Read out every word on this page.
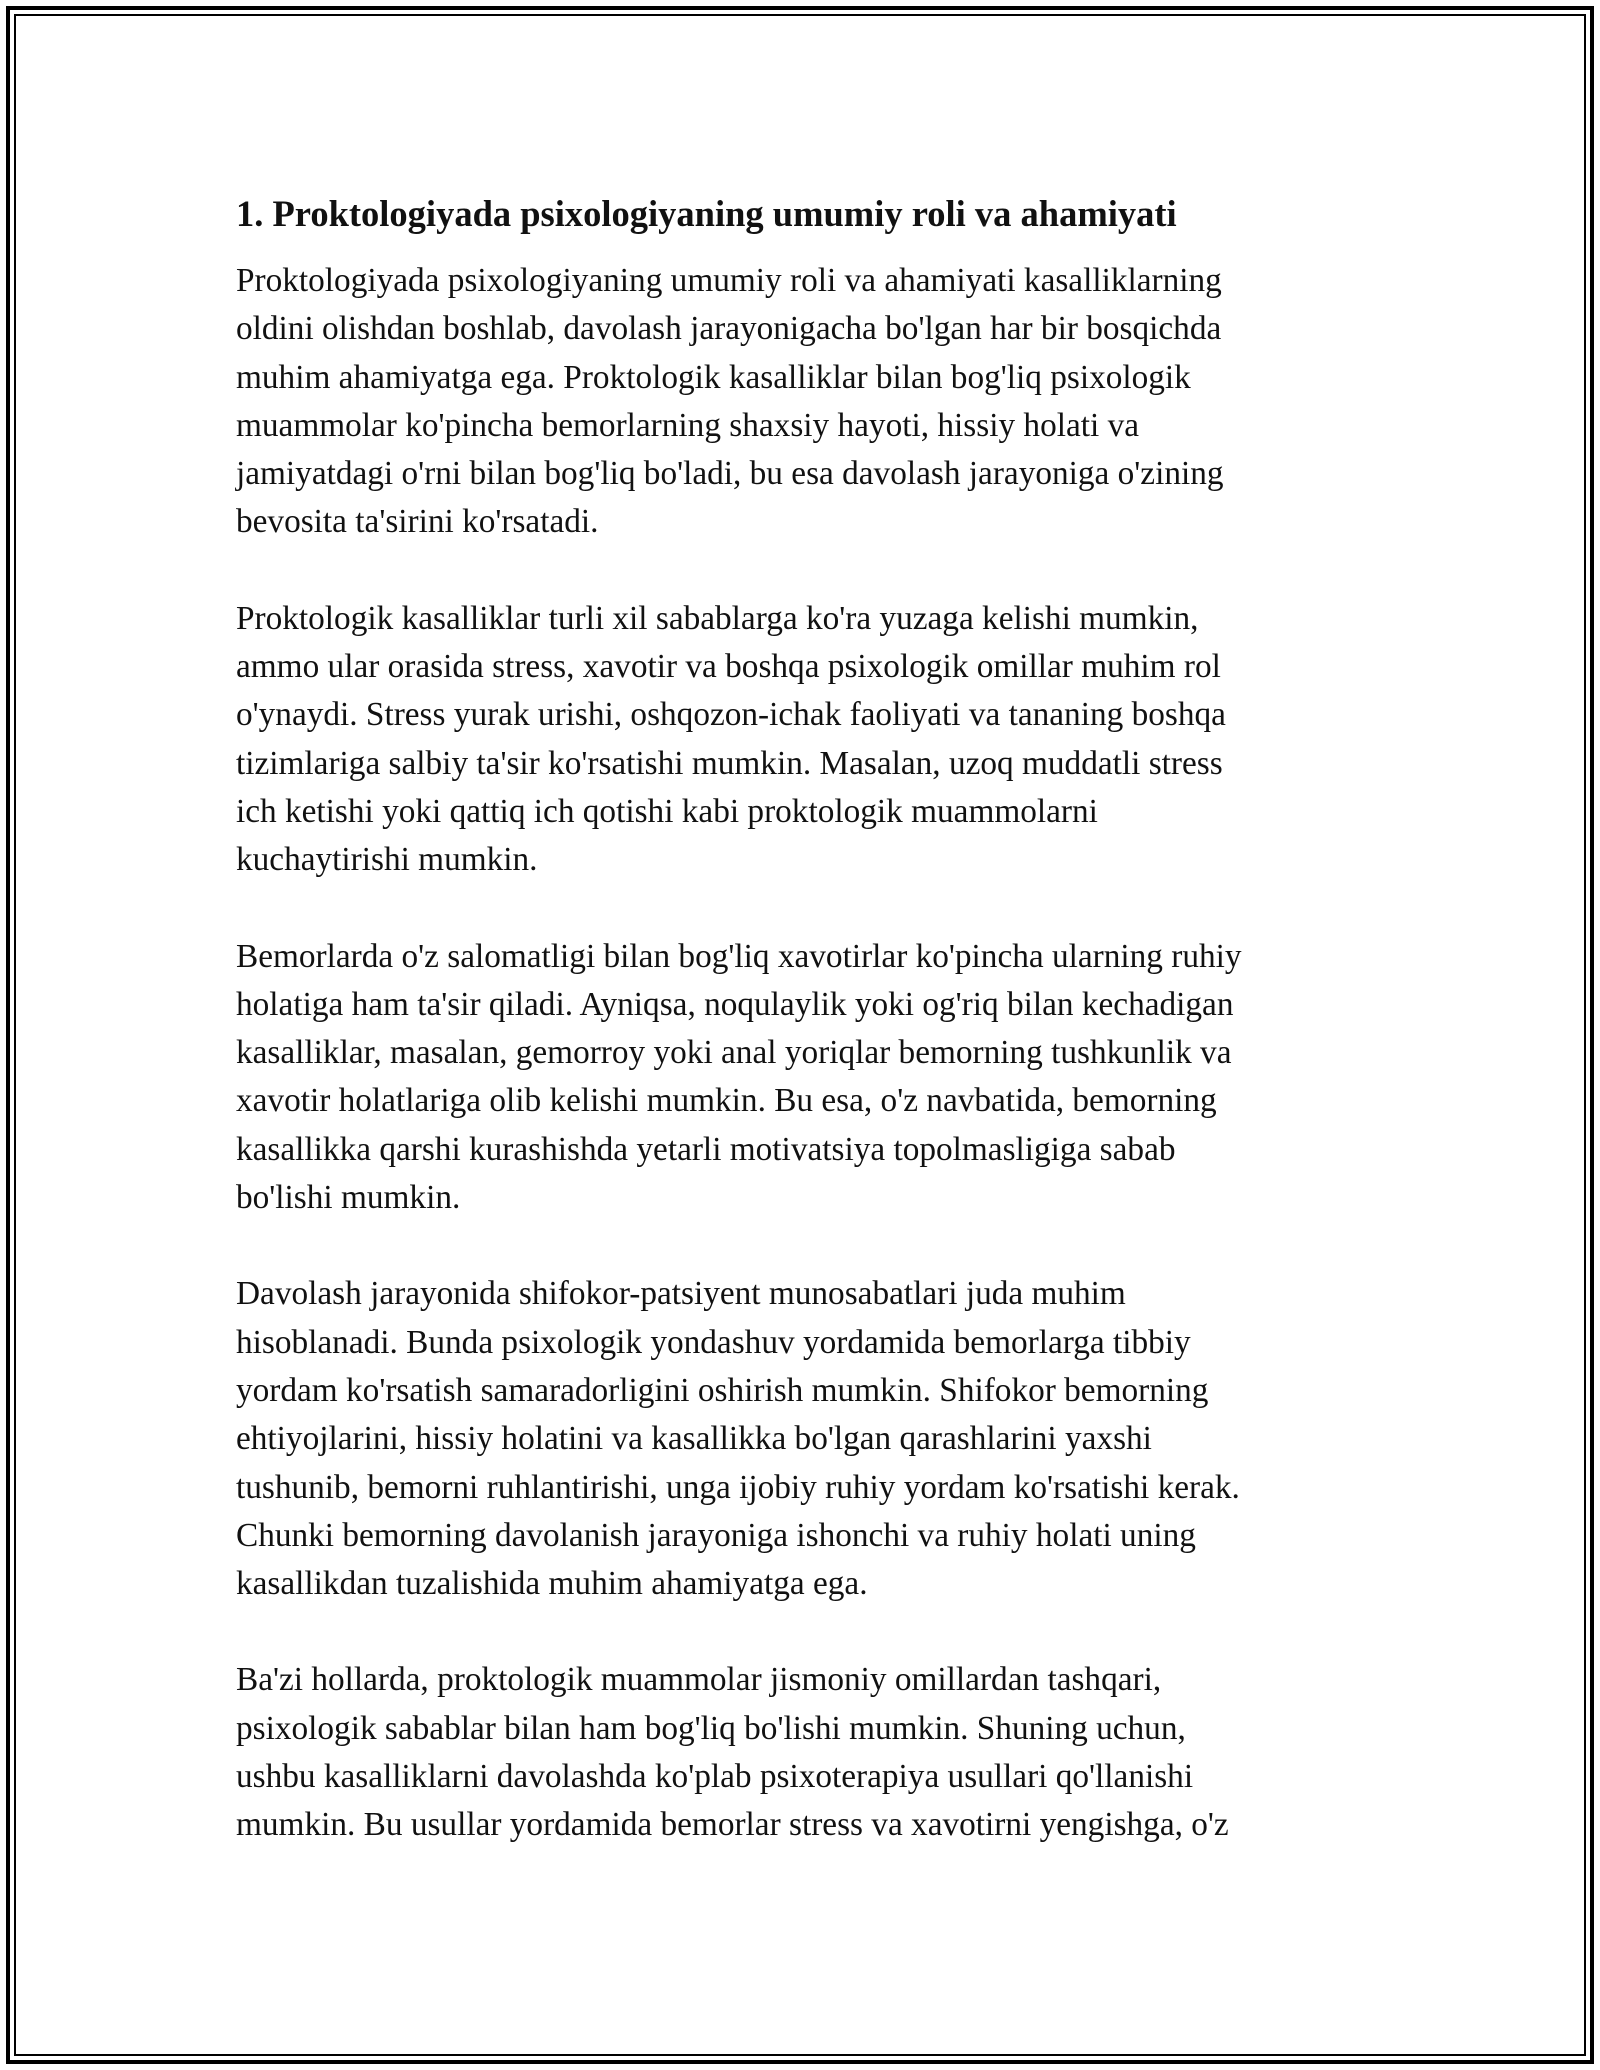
1. Proktologiyada psixologiyaning umumiy roli va ahamiyati

Proktologiyada psixologiyaning umumiy roli va ahamiyati kasalliklarning
oldini olishdan boshlab, davolash jarayonigacha bo'lgan har bir bosqichda
muhim ahamiyatga ega. Proktologik kasalliklar bilan bog'liq psixologik
muammolar ko'pincha bemorlarning shaxsiy hayoti, hissiy holati va
jamiyatdagi o'rni bilan bog'liq bo'ladi, bu esa davolash jarayoniga o'zining
bevosita ta'sirini ko'rsatadi.

Proktologik kasalliklar turli xil sabablarga ko'ra yuzaga kelishi mumkin,
ammo ular orasida stress, xavotir va boshqa psixologik omillar muhim rol
o'ynaydi. Stress yurak urishi, oshqozon-ichak faoliyati va tananing boshqa
tizimlariga salbiy ta'sir ko'rsatishi mumkin. Masalan, uzoq muddatli stress
ich ketishi yoki qattiq ich qotishi kabi proktologik muammolarni
kuchaytirishi mumkin.

Bemorlarda o'z salomatligi bilan bog'liq xavotirlar ko'pincha ularning ruhiy
holatiga ham ta'sir qiladi. Ayniqsa, noqulaylik yoki og'riq bilan kechadigan
kasalliklar, masalan, gemorroy yoki anal yoriqlar bemorning tushkunlik va
xavotir holatlariga olib kelishi mumkin. Bu esa, o'z navbatida, bemorning
kasallikka qarshi kurashishda yetarli motivatsiya topolmasligiga sabab
bo'lishi mumkin.

Davolash jarayonida shifokor-patsiyent munosabatlari juda muhim
hisoblanadi. Bunda psixologik yondashuv yordamida bemorlarga tibbiy
yordam ko'rsatish samaradorligini oshirish mumkin. Shifokor bemorning
ehtiyojlarini, hissiy holatini va kasallikka bo'lgan qarashlarini yaxshi
tushunib, bemorni ruhlantirishi, unga ijobiy ruhiy yordam ko'rsatishi kerak.
Chunki bemorning davolanish jarayoniga ishonchi va ruhiy holati uning
kasallikdan tuzalishida muhim ahamiyatga ega.

Ba'zi hollarda, proktologik muammolar jismoniy omillardan tashqari,
psixologik sabablar bilan ham bog'liq bo'lishi mumkin. Shuning uchun,
ushbu kasalliklarni davolashda ko'plab psixoterapiya usullari qo'llanishi
mumkin. Bu usullar yordamida bemorlar stress va xavotirni yengishga, o'z
